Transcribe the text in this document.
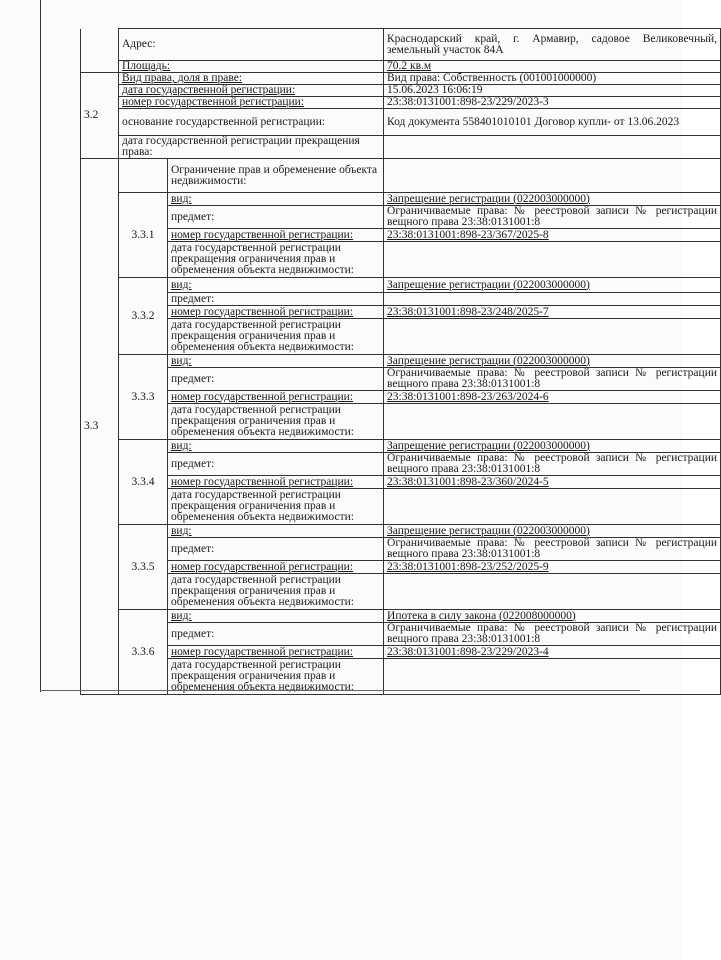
	Адрес:		Краснодарский край, г. Армавир, садовое Великовечный, земельный участок 84А
	Площадь:		70.2 кв.м
3.2	Вид права, доля в праве:		Вид права: Собственность (001001000000)
	дата государственной регистрации:		15.06.2023 16:06:19
	номер государственной регистрации:		23:38:0131001:898-23/229/2023-3
	основание государственной регистрации:		Код документа 558401010101 Договор купли- от 13.06.2023
	дата государственной регистрации прекращения права:		
3.3		Ограничение прав и обременение объекта недвижимости:	
	3.3.1	вид:	Запрещение регистрации (022003000000)
		предмет:	Ограничиваемые права: № реестровой записи № регистрации вещного права 23:38:0131001:8
		номер государственной регистрации:	23:38:0131001:898-23/367/2025-8
		дата государственной регистрации прекращения ограничения прав и обременения объекта недвижимости:	
	3.3.2	вид:	Запрещение регистрации (022003000000)
		предмет:	
		номер государственной регистрации:	23:38:0131001:898-23/248/2025-7
		дата государственной регистрации прекращения ограничения прав и обременения объекта недвижимости:	
	3.3.3	вид:	Запрещение регистрации (022003000000)
		предмет:	Ограничиваемые права: № реестровой записи № регистрации вещного права 23:38:0131001:8
		номер государственной регистрации:	23:38:0131001:898-23/263/2024-6
		дата государственной регистрации прекращения ограничения прав и обременения объекта недвижимости:	
	3.3.4	вид:	Запрещение регистрации (022003000000)
		предмет:	Ограничиваемые права: № реестровой записи № регистрации вещного права 23:38:0131001:8
		номер государственной регистрации:	23:38:0131001:898-23/360/2024-5
		дата государственной регистрации прекращения ограничения прав и обременения объекта недвижимости:	
	3.3.5	вид:	Запрещение регистрации (022003000000)
		предмет:	Ограничиваемые права: № реестровой записи № регистрации вещного права 23:38:0131001:8
		номер государственной регистрации:	23:38:0131001:898-23/252/2025-9
		дата государственной регистрации прекращения ограничения прав и обременения объекта недвижимости:	
	3.3.6	вид:	Ипотека в силу закона (022008000000)
		предмет:	Ограничиваемые права: № реестровой записи № регистрации вещного права 23:38:0131001:8
		номер государственной регистрации:	23:38:0131001:898-23/229/2023-4
		дата государственной регистрации прекращения ограничения прав и обременения объекта недвижимости:	
